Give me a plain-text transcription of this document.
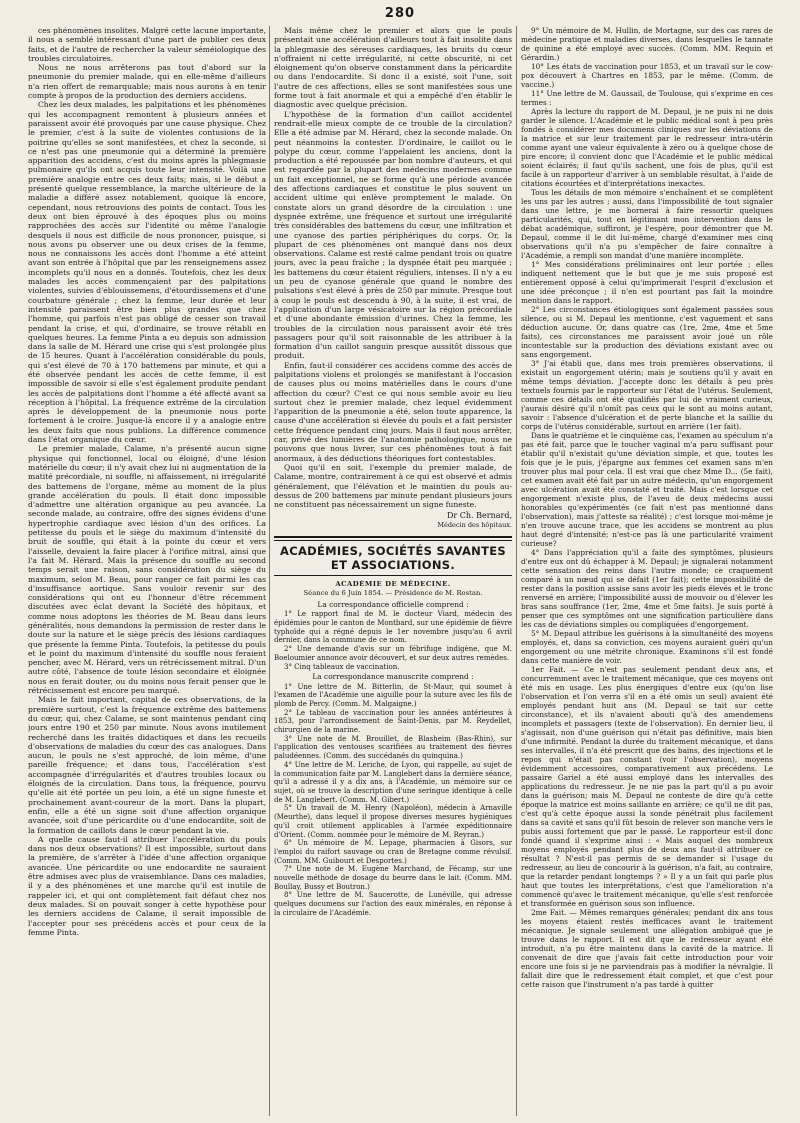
280

ces phénomènes insolites. Malgré cette lacune importante, il nous a semblé intéressant d'une part de publier ces deux faits, et de l'autre de rechercher la valeur séméiologique des troubles circulatoires.

Nous ne nous arrêterons pas tout d'abord sur la pneumonie du premier malade, qui en elle-même d'ailleurs n'a rien offert de remarquable; mais nous aurons à en tenir compte à propos de la production des derniers accidens.

Chez les deux malades, les palpitations et les phénomènes qui les accompagnent remontent à plusieurs années et paraissent avoir été provoqués par une cause physique. Chez le premier, c'est à la suite de violentes contusions de la poitrine qu'elles se sont manifestées, et chez la seconde, si ce n'est pas une pneumonie qui a déterminé la première apparition des accidens, c'est du moins après la phlegmasie pulmonaire qu'ils ont acquis toute leur intensité. Voilà une première analogie entre ces deux faits; mais, si le début a présenté quelque ressemblance, la marche ultérieure de la maladie a différé assez notablement, quoique là encore, cependant, nous retrouvions des points de contact. Tous les deux ont bien éprouvé à des époques plus ou moins rapprochées des accès sur l'identité ou même l'analogie desquels il nous est difficile de nous prononcer, puisque, si nous avons pu observer une ou deux crises de la femme, nous ne connaissons les accès dont l'homme a été atteint avant son entrée à l'hôpital que par les renseignemens assez incomplets qu'il nous en a donnés. Toutefois, chez les deux malades les accès commençaient par des palpitations violentes, suivies d'éblouissemens, d'étourdissemens et d'une courbature générale ; chez la femme, leur durée et leur intensité paraissent être bien plus grandes que chez l'homme, qui parfois n'est pas obligé de cesser son travail pendant la crise, et qui, d'ordinaire, se trouve rétabli en quelques heures. La femme Pinta a eu depuis son admission dans la salle de M. Hérard une crise qui s'est prolongée plus de 15 heures. Quant à l'accélération considérable du pouls, qui s'est élevé de 70 à 170 battemens par minute, et qui a été observée pendant les accès de cette femme, il est impossible de savoir si elle s'est également produite pendant les accès de palpitations dont l'homme a été affecté avant sa réception à l'hôpital. La fréquence extrême de la circulation après le développement de la pneumonie nous porte fortement à le croire. Jusque-là encore il y a analogie entre les deux faits que nous publions. La différence commence dans l'état organique du cœur.

Le premier malade, Calame, n'a présenté aucun signe physique qui fonctionnel, local ou éloigné, d'une lésion matérielle du cœur; il n'y avait chez lui ni augmentation de la matité précordiale, ni souffle, ni affaissement, ni irrégularité des battemens de l'organe, même au moment de la plus grande accélération du pouls. Il était donc impossible d'admettre une altération organique au peu avancée. La seconde malade, au contraire, offre des signes évidens d'une hypertrophie cardiaque avec lésion d'un des orifices. La petitesse du pouls et le siège du maximum d'intensité du bruit de souffle, qui était à la pointe du cœur et vers l'aisselle, devaient la faire placer à l'orifice mitral, ainsi que l'a fait M. Hérard. Mais la présence du souffle au second temps serait une raison, sans considération du siège du maximum, selon M. Beau, pour ranger ce fait parmi les cas d'insuffisance aortique. Sans vouloir revenir sur des considérations qui ont eu l'honneur d'être récemment discutées avec éclat devant la Société des hôpitaux, et comme nous adoptons les théories de M. Beau dans leurs généralités, nous demandons la permission de rester dans le doute sur la nature et le siège précis des lésions cardiaques que présente la femme Pinta. Toutefois, la petitesse du pouls et le point du maximum d'intensité du souffle nous feraient pencher, avec M. Hérard, vers un rétrécissement mitral. D'un autre côté, l'absence de toute lésion secondaire et éloignée nous en ferait douter, ou du moins nous ferait penser que le rétrécissement est encore peu marqué.

Mais le fait important, capital de ces observations, de la première surtout, c'est la fréquence extrême des battemens du cœur, qui, chez Calame, se sont maintenus pendant cinq jours entre 190 et 250 par minute. Nous avons inutilement recherché dans les traités didactiques et dans les recueils d'observations de maladies du cœur des cas analogues. Dans aucun, le pouls ne s'est approché, de loin même, d'une pareille fréquence; et dans tous, l'accélération s'est accompagnée d'irrégularités et d'autres troubles locaux ou éloignés de la circulation. Dans tous, la fréquence, pourvu qu'elle ait été portée un peu loin, a été un signe funeste et prochainement avant-coureur de la mort. Dans la plupart, enfin, elle a été un signe soit d'une affection organique avancée, soit d'une péricardite ou d'une endocardite, soit de la formation de caillots dans le cœur pendant la vie.

A quelle cause faut-il attribuer l'accélération du pouls dans nos deux observations? Il est impossible, surtout dans la première, de s'arrêter à l'idée d'une affection organique avancée. Une péricardite ou une endocardite ne sauraient être admises avec plus de vraisemblance. Dans ces maladies, il y a des phénomènes et une marche qu'il est inutile de rappeler ici, et qui ont complètement fait défaut chez nos deux malades. Si on pouvait songer à cette hypothèse pour les derniers accidens de Calame, il serait impossible de l'accepter pour ses précédens accès et pour ceux de la femme Pinta.

Mais même chez le premier et alors que le pouls présentait une accélération d'ailleurs tout à fait insolite dans la phlegmasie des séreuses cardiaques, les bruits du cœur n'offraient ni cette irrégularité, ni cette obscurité, ni cet éloignement qu'on observe constamment dans la péricardite ou dans l'endocardite. Si donc il a existé, soit l'une, soit l'autre de ces affections, elles se sont manifestées sous une forme tout à fait anormale et qui a empêché d'en établir le diagnostic avec quelque précision.

L'hypothèse de la formation d'un caillot accidentel rendrait-elle mieux compte de ce trouble de la circulation? Elle a été admise par M. Hérard, chez la seconde malade. On peut néanmoins la contester. D'ordinaire, le caillot ou le polype du cœur, comme l'appelaient les anciens, dont la production a été repoussée par bon nombre d'auteurs, et qui est regardée par la plupart des médecins modernes comme un fait exceptionnel, ne se forme qu'à une période avancée des affections cardiaques et constitue le plus souvent un accident ultime qui enlève promptement le malade. On constate alors un grand désordre de la circulation : une dyspnée extrême, une fréquence et surtout une irrégularité très considérables des battemens du cœur, une infiltration et une cyanose des parties périphériques du corps. Or, la plupart de ces phénomènes ont manqué dans nos deux observations. Calame est resté calme pendant trois ou quatre jours, avec la peau fraîche ; la dyspnée était peu marquée ; les battemens du cœur étaient réguliers, intenses. Il n'y a eu un peu de cyanose générale que quand le nombre des pulsations s'est élevé à près de 250 par minute. Presque tout à coup le pouls est descendu à 90, à la suite, il est vrai, de l'application d'un large vésicatoire sur la région précordiale et d'une abondante émission d'urines. Chez la femme, les troubles de la circulation nous paraissent avoir été très passagers pour qu'il soit raisonnable de les attribuer à la formation d'un caillot sanguin presque aussitôt dissous que produit.

Enfin, faut-il considérer ces accidens comme des accès de palpitations violens et prolongés se manifestant à l'occasion de causes plus ou moins matérielles dans le cours d'une affection du cœur? C'est ce qui nous semble avoir eu lieu surtout chez le premier malade, chez lequel évidemment l'apparition de la pneumonie a été, selon toute apparence, la cause d'une accélération si élevée du pouls et a fait persister cette fréquence pendant cinq jours. Mais il faut nous arrêter, car, privé des lumières de l'anatomie pathologique, nous ne pouvons que nous livrer, sur ces phénomènes tout à fait anormaux, à des déductions théoriques fort contestables.

Quoi qu'il en soit, l'exemple du premier malade, de Calame, montre, contrairement à ce qui est observé et admis généralement, que l'élévation et le maintien du pouls au-dessus de 200 battemens par minute pendant plusieurs jours ne constituent pas nécessairement un signe funeste.

Dr Ch. Bernard,
Médecin des hôpitaux.
ACADÉMIES, SOCIÉTÉS SAVANTES ET ASSOCIATIONS.
ACADÉMIE DE MÉDECINE.
Séance du 6 Juin 1854. — Présidence de M. Rostan.
La correspondance officielle comprend :

1° Le rapport final de M. le docteur Viard, médecin des épidémies pour le canton de Montbard, sur une épidémie de fièvre typhoïde qui a régné depuis le 1er novembre jusqu'au 6 avril dernier, dans la commune de ce nom.

2° Une demande d'avis sur un fébrifuge indigène, que M. Boeloumier annonce avoir découvert, et sur deux autres remèdes.

3° Cinq tableaux de vaccination.

La correspondance manuscrite comprend :

1° Une lettre de M. Bitterlin, de St-Maur, qui soumet à l'examen de l'Académie une aiguille pour la suture avec les fils de plomb de Percy. (Comm. M. Malgaigne.)

2° Le tableau de vaccination pour les années antérieures à 1853, pour l'arrondissement de Saint-Denis, par M. Reydellet, chirurgien de la marine.

3° Une note de M. Brouillet, de Blasheim (Bas-Rhin), sur l'application des ventouses scarifiées au traitement des fièvres paludéennes. (Comm. des succédanés du quinquina.)

4° Une lettre de M. Leriche, de Lyon, qui rappelle, au sujet de la communication faite par M. Langlebert dans la dernière séance, qu'il a adressé il y a dix ans, à l'Académie, un mémoire sur ce sujet, où se trouve la description d'une seringue identique à celle de M. Langlebert. (Comm. M. Gibert.)

5° Un travail de M. Henry (Napoléon), médecin à Arnaville (Meurthe), dans lequel il propose diverses mesures hygiéniques qu'il croit utilement applicables à l'armée expéditionnaire d'Orient. (Comm. nommée pour le mémoire de M. Reyran.)

6° Un mémoire de M. Lepage, pharmacien à Gisors, sur l'emploi du raifort sauvage ou cran de Bretagne comme révulsif. (Comm. MM. Guibourt et Desportes.)

7° Une note de M. Eugène Marchand, de Fécamp, sur une nouvelle méthode de dosage du beurre dans le lait. (Comm. MM. Boullay, Bussy et Boutron.)

8° Une lettre de M. Saucerotte, de Lunéville, qui adresse quelques documens sur l'action des eaux minérales, en réponse à la circulaire de l'Académie.

9° Un mémoire de M. Hullin, de Mortagne, sur des cas rares de médecine pratique et maladies diverses, dans lesquelles le tannate de quinine a été employé avec succès. (Comm. MM. Requin et Gérardin.)

10° Les états de vaccination pour 1853, et un travail sur le cow-pox découvert à Chartres en 1853, par le même. (Comm. de vaccine.)

11° Une lettre de M. Gaussail, de Toulouse, qui s'exprime en ces termes :

Après la lecture du rapport de M. Depaul, je ne puis ni ne dois garder le silence. L'Académie et le public médical sont à peu près fondés à considérer mes documens cliniques sur les déviations de la matrice et sur leur traitement par le redresseur intra-utérin comme ayant une valeur équivalente à zéro ou à quelque chose de pire encore; il convient donc que l'Académie et le public médical soient éclairés; il faut qu'ils sachent, une fois de plus, qu'il est facile à un rapporteur d'arriver à un semblable résultat, à l'aide de citations écourtées et d'interprétations inexactes.

Tous les détails de mon mémoire s'enchaînent et se complètent les uns par les autres ; aussi, dans l'impossibilité de tout signaler dans une lettre, je me bornerai à faire ressortir quelques particularités, qui, tout en légitimant mon intervention dans le débat académique, suffiront, je l'espère, pour démontrer que M. Depaul, comme il le dit lui-même, chargé d'examiner mes cinq observations qu'il n'a pu s'empêcher de faire connaître à l'Académie, a rempli son mandat d'une manière incomplète.

1° Mes considérations préliminaires ont leur portée ; elles indiquent nettement que le but que je me suis proposé est entièrement opposé à celui qu'imprimerait l'esprit d'exclusion et une idée préconçue ; il n'en est pourtant pas fait la moindre mention dans le rapport.

2° Les circonstances étiologiques sont également passées sous silence, ou si M. Depaul les mentionne, c'est vaguement et sans déduction aucune. Or, dans quatre cas (1re, 2me, 4me et 5me faits), ces circonstances me paraissent avoir joué un rôle incontestable sur la production des déviations existant avec ou sans engorgement.

3° J'ai établi que, dans mes trois premières observations, il existait un engorgement utérin; mais je soutiens qu'il y avait en même temps déviation. J'accepte donc les détails à peu près textuels fournis par le rapporteur sur l'état de l'utérus. Seulement, comme ces détails ont été qualifiés par lui de vraiment curieux, j'aurais désiré qu'il n'omît pas ceux qui le sont au moins autant, savoir : l'absence d'ulcération et de perte blanche et la saillie du corps de l'utérus considérable, surtout en arrière (1er fait).

Dans le quatrième et le cinquième cas, l'examen au spéculum n'a pas été fait, parce que le toucher vaginal m'a paru suffisant pour établir qu'il n'existait qu'une déviation simple, et que, toutes les fois que je le puis, j'épargne aux femmes cet examen sans m'en trouver plus mal pour cela. Il est vrai que chez Mme D... (5e fait), cet examen avait été fait par un autre médecin, qu'un engorgement avec ulcération avait été constaté et traité. Mais c'est lorsque cet engorgement n'existe plus, de l'aveu de deux médecins aussi honorables qu'expérimentés (ce fait n'est pas mentionné dans l'observation), mais j'atteste sa réalité) ; c'est lorsque moi-même je n'en trouve aucune trace, que les accidens se montrent au plus haut degré d'intensité; n'est-ce pas là une particularité vraiment curieuse?

4° Dans l'appréciation qu'il a faite des symptômes, plusieurs d'entre eux ont dû échapper à M. Depaul; je signalerai notamment cette sensation des reins dans l'autre monde; ce craquement comparé à un nœud qui se défait (1er fait); cette impossibilité de rester dans la position assise sans avoir les pieds élevés et le tronc renversé en arrière; l'impossibilité aussi de mouvoir ou d'élever les bras sans souffrance (1er, 2me, 4me et 5me faits). Je suis porté à penser que ces symptômes ont une signification particulière dans les cas de déviations simples ou compliquées d'engorgement.

5° M. Depaul attribue les guérisons à la simultanéité des moyens employés, et, dans sa conviction, ces moyens auraient guéri qu'un engorgement ou une métrite chronique. Examinons s'il est fondé dans cette manière de voir.

1er Fait. — Ce n'est pas seulement pendant deux ans, et concurremment avec le traitement mécanique, que ces moyens ont été mis en usage. Les plus énergiques d'entre eux (qu'on lise l'observation et l'on verra s'il en a été omis un seul) avaient été employés pendant huit ans (M. Depaul se tait sur cette circonstance), et ils n'avaient abouti qu'à des amendemens incomplets et passagers (texte de l'observation). En dernier lieu, il s'agissait, non d'une guérison qui n'était pas définitive, mais bien d'une infirmité. Pendant la durée du traitement mécanique, et dans ses intervalles, il n'a été prescrit que des bains, des injections et le repos qui n'était pas constant (voir l'observation), moyens évidemment accessoires, comparativement aux précédens. Le passaire Gariel a été aussi employé dans les intervalles des applications du redresseur. Je ne nie pas la part qu'il a pu avoir dans la guérison; mais M. Depaul ne conteste de dire qu'à cette époque la matrice est moins saillante en arrière; ce qu'il ne dit pas, c'est qu'à cette époque aussi la sonde pénétrait plus facilement dans sa cavité et sans qu'il fût besoin de relever son manche vers le pubis aussi fortement que par le passé. Le rapporteur est-il donc fondé quand il s'exprime ainsi : « Mais auquel des nombreux moyens employés pendant plus de deux ans faut-il attribuer ce résultat ? N'est-il pas permis de se demander si l'usage du redresseur, au lieu de concourir à la guérison, n'a fait, au contraire, que la retarder pendant longtemps ? » Il y a un fait qui parle plus haut que toutes les interprétations, c'est que l'amélioration n'a commencé qu'avec le traitement mécanique, qu'elle s'est renforcée et transformée en guérison sous son influence.

2me Fait. — Mêmes remarques générales; pendant dix ans tous les moyens étaient restés inefficaces avant le traitement mécanique. Je signale seulement une allégation ambiguë que je trouve dans le rapport. Il est dit que le redresseur ayant été introduit, n'a pu être maintenu dans la cavité de la matrice. Il convenait de dire que j'avais fait cette introduction pour voir encore une fois si je ne parviendrais pas à modifier la névralgie. Il fallait dire que le redressement était complet, et que c'est pour cette raison que l'instrument n'a pas tardé à quitter
